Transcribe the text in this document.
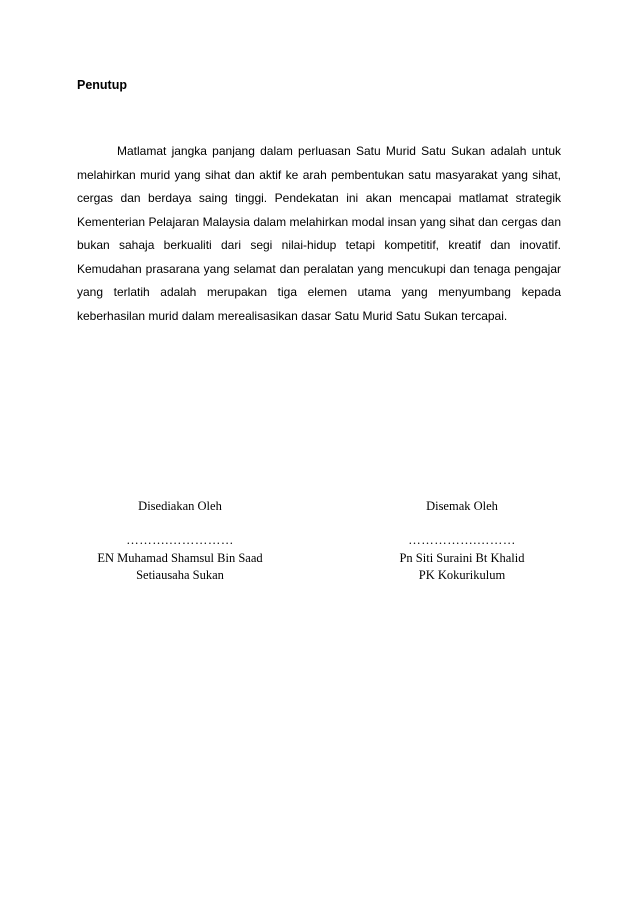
Penutup

Matlamat jangka panjang dalam perluasan Satu Murid Satu Sukan adalah untuk melahirkan murid yang sihat dan aktif ke arah pembentukan satu masyarakat yang sihat, cergas dan berdaya saing tinggi. Pendekatan ini akan mencapai matlamat strategik Kementerian Pelajaran Malaysia dalam melahirkan modal insan yang sihat dan cergas dan bukan sahaja berkualiti dari segi nilai-hidup tetapi kompetitif, kreatif dan inovatif. Kemudahan prasarana yang selamat dan peralatan yang mencukupi dan tenaga pengajar yang terlatih adalah merupakan tiga elemen utama yang menyumbang kepada keberhasilan murid dalam merealisasikan dasar Satu Murid Satu Sukan tercapai.

Disediakan Oleh
……….……………
EN Muhamad Shamsul Bin Saad
Setiausaha Sukan
Disemak Oleh
…………….………
Pn Siti Suraini Bt Khalid
PK Kokurikulum
